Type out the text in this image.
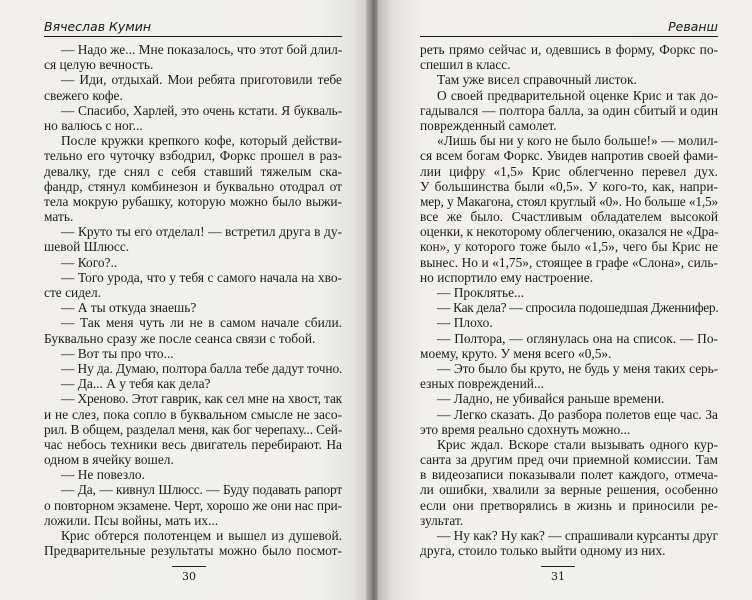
Вячеслав Кумин
— Надо же... Мне показалось, что этот бой длил-
ся целую вечность.
— Иди, отдыхай. Мои ребята приготовили тебе
свежего кофе.
— Спасибо, Харлей, это очень кстати. Я букваль-
но валюсь с ног...
После кружки крепкого кофе, который действи-
тельно его чуточку взбодрил, Форкс прошел в раз-
девалку, где снял с себя ставший тяжелым ска-
фандр, стянул комбинезон и буквально отодрал от
тела мокрую рубашку, которую можно было выжи-
мать.
— Круто ты его отделал! — встретил друга в ду-
шевой Шлюсс.
— Кого?..
— Того урода, что у тебя с самого начала на хво-
сте сидел.
— А ты откуда знаешь?
— Так меня чуть ли не в самом начале сбили.
Буквально сразу же после сеанса связи с тобой.
— Вот ты про что...
— Ну да. Думаю, полтора балла тебе дадут точно.
— Да... А у тебя как дела?
— Хреново. Этот гаврик, как сел мне на хвост, так
и не слез, пока сопло в буквальном смысле не засо-
рил. В общем, разделал меня, как бог черепаху... Сей-
час небось техники весь двигатель перебирают. На
одном в ячейку вошел.
— Не повезло.
— Да, — кивнул Шлюсс. — Буду подавать рапорт
о повторном экзамене. Черт, хорошо же они нас при-
ложили. Псы войны, мать их...
Крис обтерся полотенцем и вышел из душевой.
Предварительные результаты можно было посмот-
30
Реванш
реть прямо сейчас и, одевшись в форму, Форкс по-
спешил в класс.
Там уже висел справочный листок.
О своей предварительной оценке Крис и так до-
гадывался — полтора балла, за один сбитый и один
поврежденный самолет.
«Лишь бы ни у кого не было больше!» — молил-
ся всем богам Форкс. Увидев напротив своей фами-
лии цифру «1,5» Крис облегченно перевел дух.
У большинства были «0,5». У кого-то, как, напри-
мер, у Макагона, стоял круглый «0». Но больше «1,5»
все же было. Счастливым обладателем высокой
оценки, к некоторому облегчению, оказался не «Дра-
кон», у которого тоже было «1,5», чего бы Крис не
вынес. Но и «1,75», стоящее в графе «Слона», силь-
но испортило ему настроение.
— Проклятье...
— Как дела? — спросила подошедшая Дженнифер.
— Плохо.
— Полтора, — оглянулась она на список. — По-
моему, круто. У меня всего «0,5».
— Это было бы круто, не будь у меня таких серь-
езных повреждений...
— Ладно, не убивайся раньше времени.
— Легко сказать. До разбора полетов еще час. За
это время реально сдохнуть можно...
Крис ждал. Вскоре стали вызывать одного кур-
санта за другим пред очи приемной комиссии. Там
в видеозаписи показывали полет каждого, отмеча-
ли ошибки, хвалили за верные решения, особенно
если они претворялись в жизнь и приносили ре-
зультат.
— Ну как? Ну как? — спрашивали курсанты друг
друга, стоило только выйти одному из них.
31
